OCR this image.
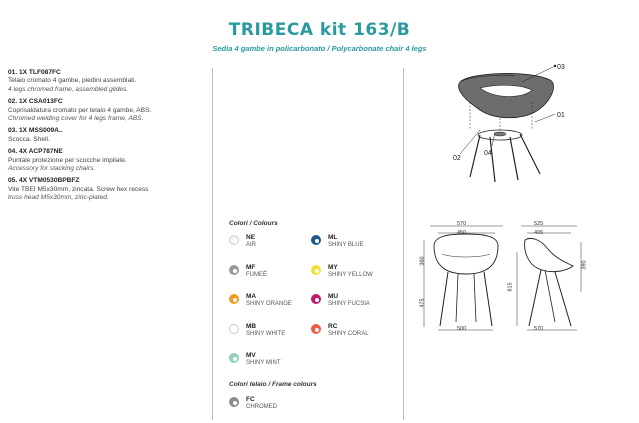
TRIBECA kit 163/B
Sedia 4 gambe in policarbonato / Polycarbonate chair 4 legs
01. 1X TLF087FC
Telaio cromato 4 gambe, piedini assemblati.
4 legs chromed frame, assembled glides.
02. 1X CSA013FC
Coprisaldatura cromato per telaio 4 gambe, ABS.
Chromed welding cover for 4 legs frame, ABS.
03. 1X MSS009A..
Scocca. Shell.
04. 4X ACP787NE
Puntale protezione per scocche impilate.
Accessory for stacking chairs.
05. 4X VTM0530BPBFZ
Vite TBEI M5x30mm, zincata. Screw hex recess
truss head M5x30mm, zinc-plated.
Colori / Colours
NE
AIR
ML
SHINY BLUE
MF
FUMEÈ
MY
SHINY YELLOW
MA
SHINY ORANGE
MU
SHINY FUCSIA
MB
SHINY WHITE
RC
SHINY CORAL
MV
SHINY MINT
Colori telaio / Frame colours
FC
CHROMED
03
01
02
04
570
450
360
475
500
525
405
390
815
570
